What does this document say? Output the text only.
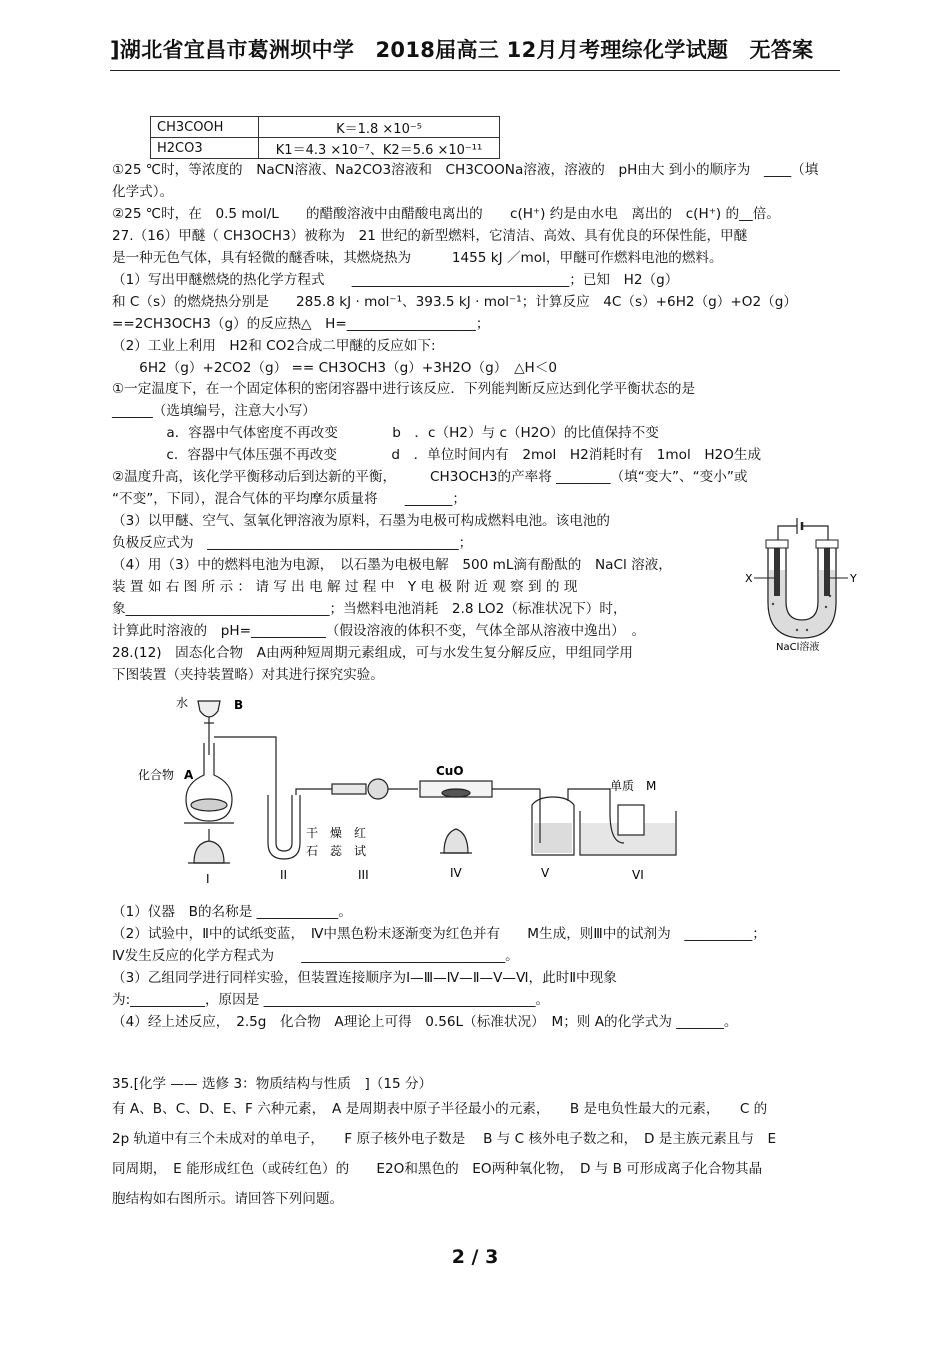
]湖北省宜昌市葛洲坝中学　2018届高三 12月月考理综化学试题　无答案
CH3COOH	K＝1.8 ×10⁻⁵
H2CO3	K1＝4.3 ×10⁻⁷、K2＝5.6 ×10⁻¹¹
①25 ℃时，等浓度的　NaCN溶液、Na2CO3溶液和　CH3COONa溶液，溶液的　pH由大 到小的顺序为　____（填
化学式）。
②25 ℃时，在　0.5 mol/L　　的醋酸溶液中由醋酸电离出的　　c(H⁺) 约是由水电　离出的　c(H⁺) 的__倍。
27.（16）甲醚（ CH3OCH3）被称为　21 世纪的新型燃料，它清洁、高效、具有优良的环保性能，甲醚
是一种无色气体，具有轻微的醚香味，其燃烧热为　　　1455 kJ ／mol，甲醚可作燃料电池的燃料。
（1）写出甲醚燃烧的热化学方程式　　________________________________；已知　H2（g）
和 C（s）的燃烧热分别是　　285.8 kJ · mol⁻¹、393.5 kJ · mol⁻¹；计算反应　4C（s）+6H2（g）+O2（g）
==2CH3OCH3（g）的反应热△　H=___________________；
（2）工业上利用　H2和 CO2合成二甲醚的反应如下:
　　6H2（g）+2CO2（g） == CH3OCH3（g）+3H2O（g）　△H＜0
①一定温度下，在一个固定体积的密闭容器中进行该反应．下列能判断反应达到化学平衡状态的是
______（选填编号，注意大小写）
　　　　a．容器中气体密度不再改变　　　　b　．c（H2）与 c（H2O）的比值保持不变
　　　　c．容器中气体压强不再改变　　　　d　．单位时间内有　2mol　H2消耗时有　1mol　H2O生成
②温度升高，该化学平衡移动后到达新的平衡，　　　CH3OCH3的产率将 ________（填“变大”、“变小”或
“不变”，下同），混合气体的平均摩尔质量将　　_______；
（3）以甲醚、空气、氢氧化钾溶液为原料，石墨为电极可构成燃料电池。该电池的
负极反应式为　_____________________________________；
（4）用（3）中的燃料电池为电源，　以石墨为电极电解　500 mL滴有酚酞的　NaCl 溶液，
装 置 如 右 图 所 示 ： 请 写 出 电 解 过 程 中　Y 电 极 附 近 观 察 到 的 现
象______________________________；当燃料电池消耗　2.8 LO2（标准状况下）时，
计算此时溶液的　pH=___________（假设溶液的体积不变，气体全部从溶液中逸出）　。
28.(12)　固态化合物　A由两种短周期元素组成，可与水发生复分解反应，甲组同学用
下图装置（夹持装置略）对其进行探究实验。
X	Y
NaCl溶液
水	B
化合物 A	CuO
单质　M
干　燥　红
石　蕊　试
I	II	III	IV	V	VI
（1）仪器　B的名称是 ____________。
（2）试验中，Ⅱ中的试纸变蓝，　Ⅳ中黑色粉末逐渐变为红色并有　　M生成，则Ⅲ中的试剂为　__________；
Ⅳ发生反应的化学方程式为　　______________________________。
（3）乙组同学进行同样实验，但装置连接顺序为Ⅰ—Ⅲ—Ⅳ—Ⅱ—Ⅴ—Ⅵ，此时Ⅱ中现象
为:___________，原因是 ________________________________________。
（4）经上述反应，　2.5g　化合物　A理论上可得　0.56L（标准状况）　M；则 A的化学式为 _______。
35.[化学 —— 选修 3：物质结构与性质　]（15 分）
有 A、B、C、D、E、F 六种元素，　A 是周期表中原子半径最小的元素，　　B 是电负性最大的元素，　　C 的
2p 轨道中有三个未成对的单电子，　　F 原子核外电子数是　 B 与 C 核外电子数之和，　D 是主族元素且与　E
同周期，　E 能形成红色（或砖红色）的　　E2O和黑色的　EO两种氧化物，　D 与 B 可形成离子化合物其晶
胞结构如右图所示。请回答下列问题。
2 / 3
